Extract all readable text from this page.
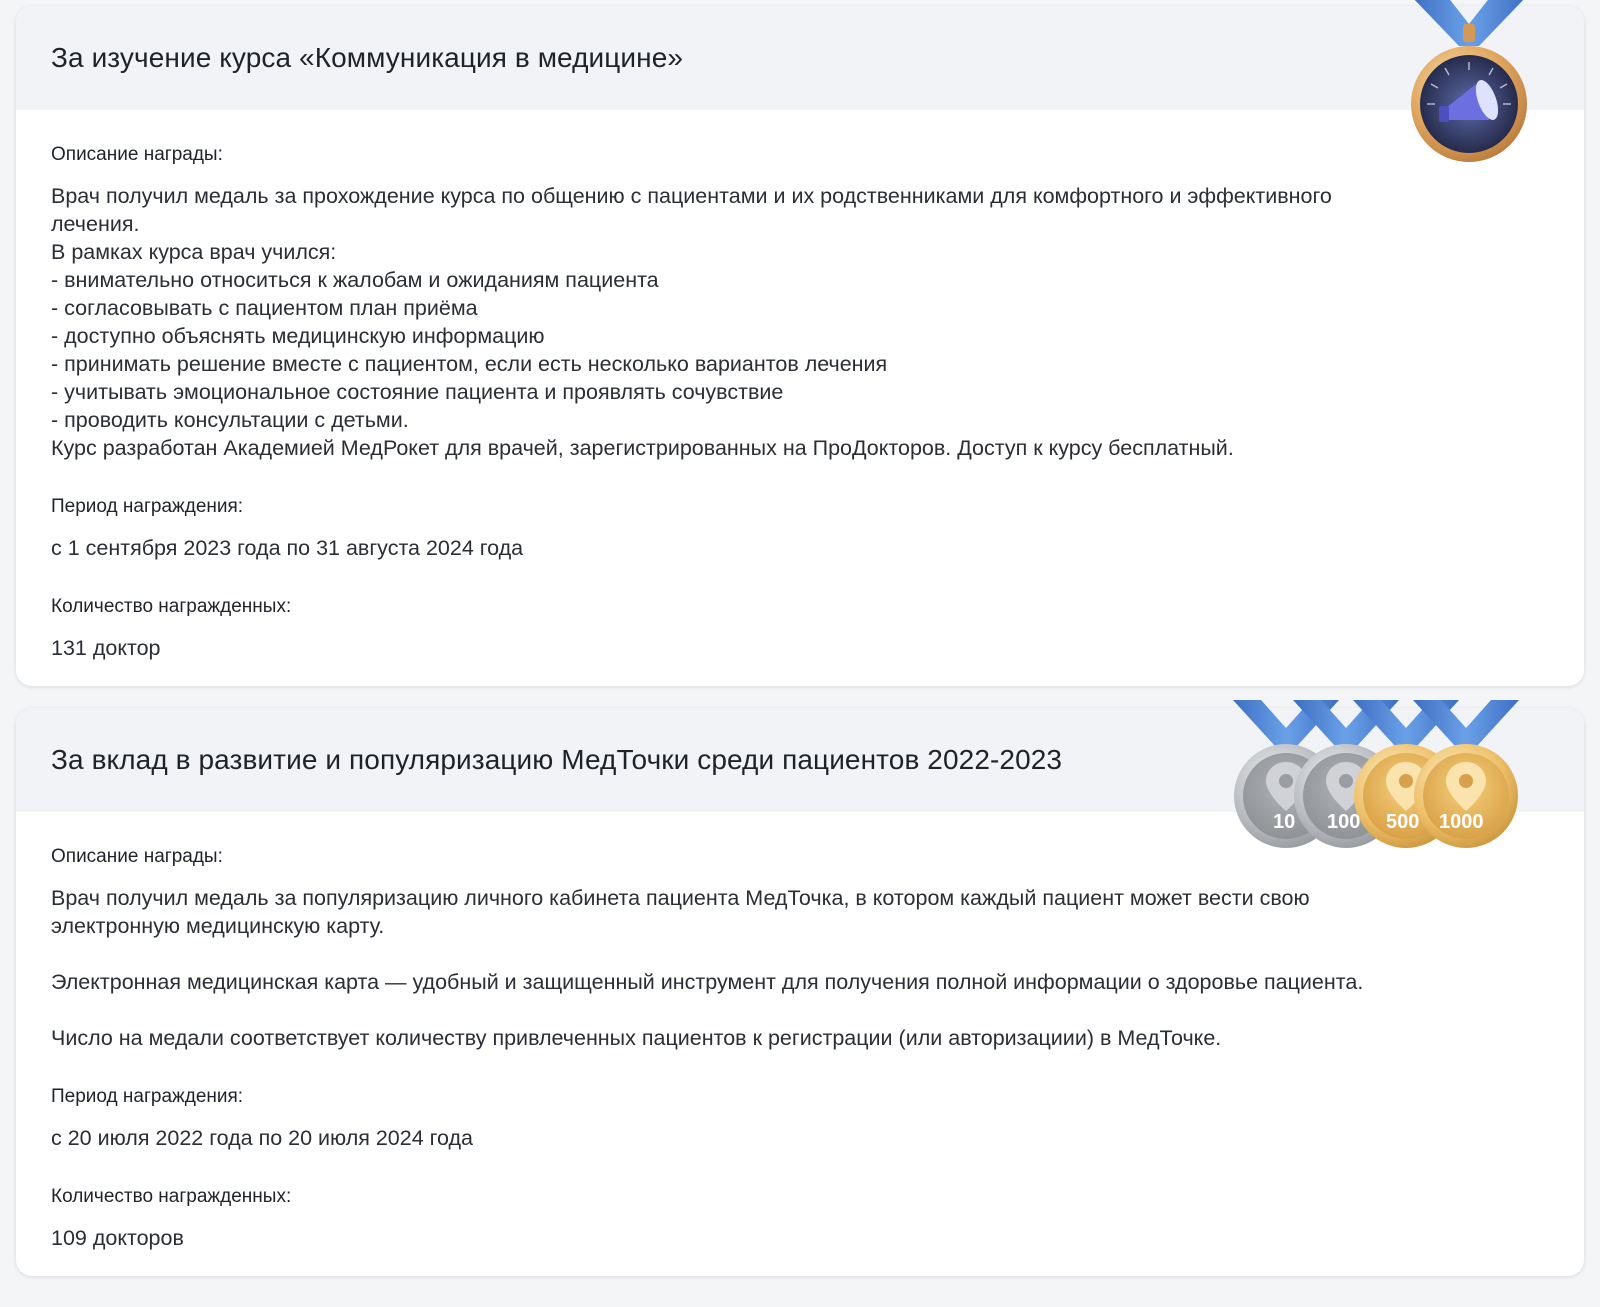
За изучение курса «Коммуникация в медицине»
Описание награды:
Врач получил медаль за прохождение курса по общению с пациентами и их родственниками для комфортного и эффективного
лечения.
В рамках курса врач учился:
- внимательно относиться к жалобам и ожиданиям пациента
- согласовывать с пациентом план приёма
- доступно объяснять медицинскую информацию
- принимать решение вместе с пациентом, если есть несколько вариантов лечения
- учитывать эмоциональное состояние пациента и проявлять сочувствие
- проводить консультации с детьми.
Курс разработан Академией МедРокет для врачей, зарегистрированных на ПроДокторов. Доступ к курсу бесплатный.
Период награждения:
с 1 сентября 2023 года по 31 августа 2024 года
Количество награжденных:
131 доктор
За вклад в развитие и популяризацию МедТочки среди пациентов 2022-2023
10 100 500 1000
Описание награды:
Врач получил медаль за популяризацию личного кабинета пациента МедТочка, в котором каждый пациент может вести свою
электронную медицинскую карту.
Электронная медицинская карта — удобный и защищенный инструмент для получения полной информации о здоровье пациента.
Число на медали соответствует количеству привлеченных пациентов к регистрации (или авторизациии) в МедТочке.
Период награждения:
с 20 июля 2022 года по 20 июля 2024 года
Количество награжденных:
109 докторов
